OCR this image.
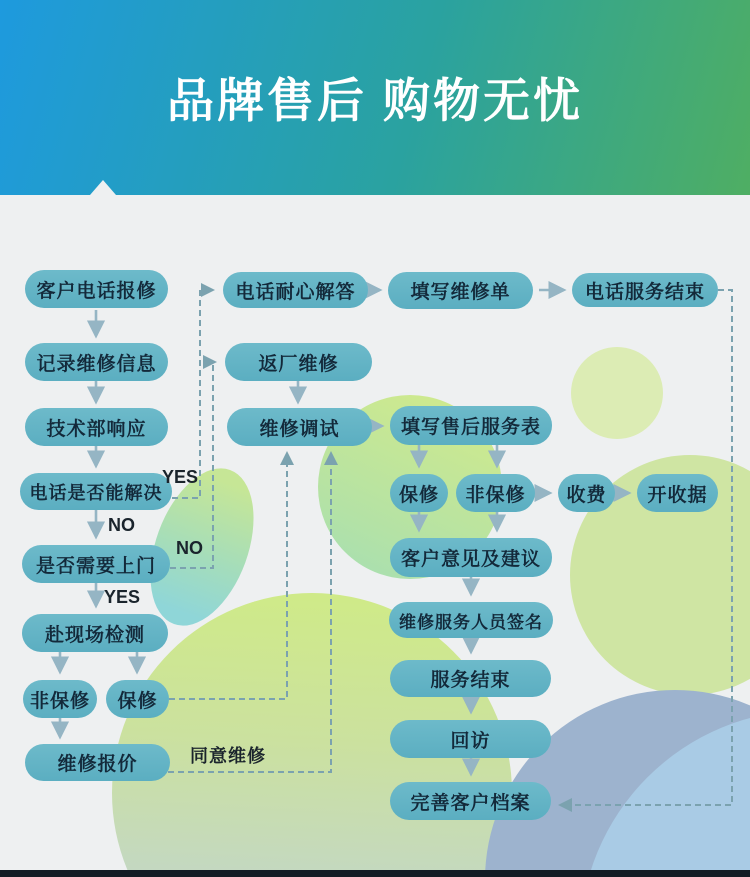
品牌售后 购物无忧
客户电话报修
记录维修信息
技术部响应
电话是否能解决
是否需要上门
赴现场检测
非保修	保修
维修报价
电话耐心解答
返厂维修
维修调试
填写维修单	电话服务结束
填写售后服务表
保修	非保修	收费	开收据
客户意见及建议
维修服务人员签名
服务结束
回访
完善客户档案
YES
NO
NO
YES
同意维修
